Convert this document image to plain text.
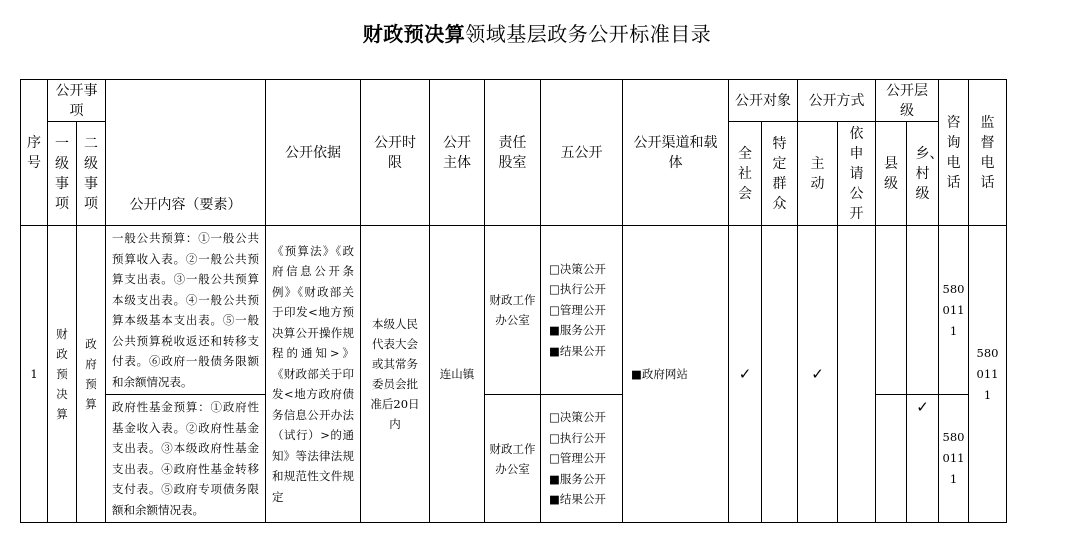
财政预决算领域基层政务公开标准目录
序号	公开事项		公开内容（要素）	公开依据	公开时限	公开主体	责任股室	五公开	公开渠道和载体	公开对象		公开方式		公开层级		咨询电话	监督电话

	一级事项	二级事项								全社会	特定群众	主动	依申请公开	县级	乡、村级		

1	财政预决算	政府预算	一般公共预算：①一般公共预算收入表。②一般公共预算支出表。③一般公共预算本级支出表。④一般公共预算本级基本支出表。⑤一般公共预算税收返还和转移支付表。⑥政府一般债务限额和余额情况表。	《预算法》《政府信息公开条例》《财政部关于印发<地方预决算公开操作规程的通知>》《财政部关于印发<地方政府债务信息公开办法（试行）>的通知》等法律法规和规范性文件规定	本级人民代表大会或其常务委员会批准后20日内	连山镇	财政工作办公室	□决策公开
□执行公开
□管理公开
■服务公开
■结果公开	■政府网站	✓		✓				5800111	5800111

			政府性基金预算：①政府性基金收入表。②政府性基金支出表。③本级政府性基金支出表。④政府性基金转移支付表。⑤政府专项债务限额和余额情况表。				财政工作办公室	□决策公开
□执行公开
□管理公开
■服务公开
■结果公开							✓	5800111	
